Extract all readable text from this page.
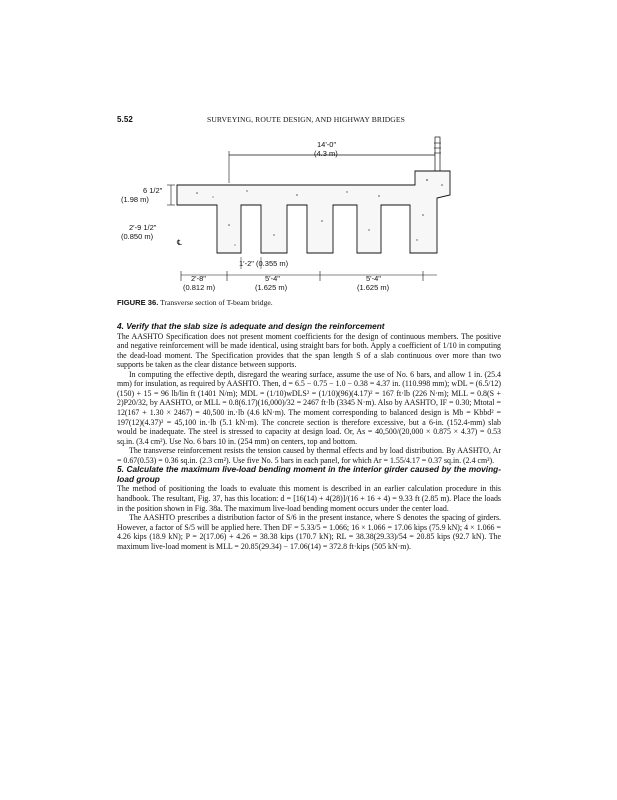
5.52	SURVEYING, ROUTE DESIGN, AND HIGHWAY BRIDGES
14'-0"
(4.3 m)
6 1/2"
(1.98 m)
2'-9 1/2"
(0.850 m)
℄
1'-2" (0.355 m)
2'-8"
(0.812 m)
5'-4"
(1.625 m)
5'-4"
(1.625 m)
FIGURE 36. Transverse section of T-beam bridge.

4. Verify that the slab size is adequate and design the reinforcement

The AASHTO Specification does not present moment coefficients for the design of continuous members. The positive and negative reinforcement will be made identical, using straight bars for both. Apply a coefficient of 1/10 in computing the dead-load moment. The Specification provides that the span length S of a slab continuous over more than two supports be taken as the clear distance between supports.

In computing the effective depth, disregard the wearing surface, assume the use of No. 6 bars, and allow 1 in. (25.4 mm) for insulation, as required by AASHTO. Then, d = 6.5 − 0.75 − 1.0 − 0.38 = 4.37 in. (110.998 mm); wDL = (6.5/12)(150) + 15 = 96 lb/lin ft (1401 N/m); MDL = (1/10)wDLS² = (1/10)(96)(4.17)² = 167 ft·lb (226 N·m); MLL = 0.8(S + 2)P20/32, by AASHTO, or MLL = 0.8(6.17)(16,000)/32 = 2467 ft·lb (3345 N·m). Also by AASHTO, IF = 0.30; Mtotal = 12(167 + 1.30 × 2467) = 40,500 in.·lb (4.6 kN·m). The moment corresponding to balanced design is Mb = Kbbd² = 197(12)(4.37)² = 45,100 in.·lb (5.1 kN·m). The concrete section is therefore excessive, but a 6-in. (152.4-mm) slab would be inadequate. The steel is stressed to capacity at design load. Or, As = 40,500/(20,000 × 0.875 × 4.37) = 0.53 sq.in. (3.4 cm²). Use No. 6 bars 10 in. (254 mm) on centers, top and bottom.

The transverse reinforcement resists the tension caused by thermal effects and by load distribution. By AASHTO, Ar = 0.67(0.53) = 0.36 sq.in. (2.3 cm²). Use five No. 5 bars in each panel, for which Ar = 1.55/4.17 = 0.37 sq.in. (2.4 cm²).

5. Calculate the maximum live-load bending moment in the interior girder caused by the moving-load group

The method of positioning the loads to evaluate this moment is described in an earlier calculation procedure in this handbook. The resultant, Fig. 37, has this location: d = [16(14) + 4(28)]/(16 + 16 + 4) = 9.33 ft (2.85 m). Place the loads in the position shown in Fig. 38a. The maximum live-load bending moment occurs under the center load.

The AASHTO prescribes a distribution factor of S/6 in the present instance, where S denotes the spacing of girders. However, a factor of S/5 will be applied here. Then DF = 5.33/5 = 1.066; 16 × 1.066 = 17.06 kips (75.9 kN); 4 × 1.066 = 4.26 kips (18.9 kN); P = 2(17.06) + 4.26 = 38.38 kips (170.7 kN); RL = 38.38(29.33)/54 = 20.85 kips (92.7 kN). The maximum live-load moment is MLL = 20.85(29.34) − 17.06(14) = 372.8 ft·kips (505 kN·m).
